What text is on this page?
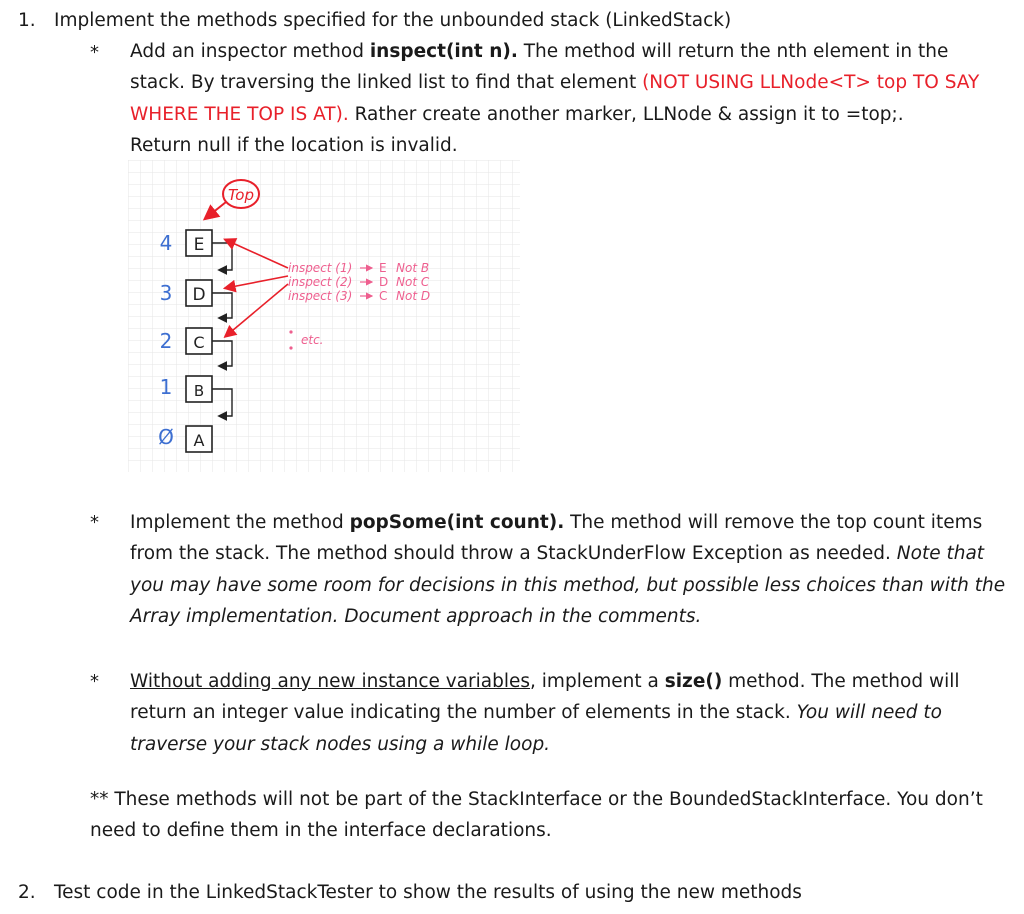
1. Implement the methods specified for the unbounded stack (LinkedStack)
* Add an inspector method inspect(int n). The method will return the nth element in the stack. By traversing the linked list to find that element (NOT USING LLNode<T> top TO SAY WHERE THE TOP IS AT). Rather create another marker, LLNode & assign it to =top;.
Return null if the location is invalid.
Top
4
3
2
1
Ø
E
D
C
B
A
inspect (1)
inspect (2)
inspect (3)
E
D
C
Not B
Not C
Not D
etc.
* Implement the method popSome(int count). The method will remove the top count items from the stack. The method should throw a StackUnderFlow Exception as needed. Note that you may have some room for decisions in this method, but possible less choices than with the Array implementation. Document approach in the comments.
* Without adding any new instance variables, implement a size() method. The method will return an integer value indicating the number of elements in the stack. You will need to traverse your stack nodes using a while loop.
** These methods will not be part of the StackInterface or the BoundedStackInterface. You don’t need to define them in the interface declarations.
2. Test code in the LinkedStackTester to show the results of using the new methods
